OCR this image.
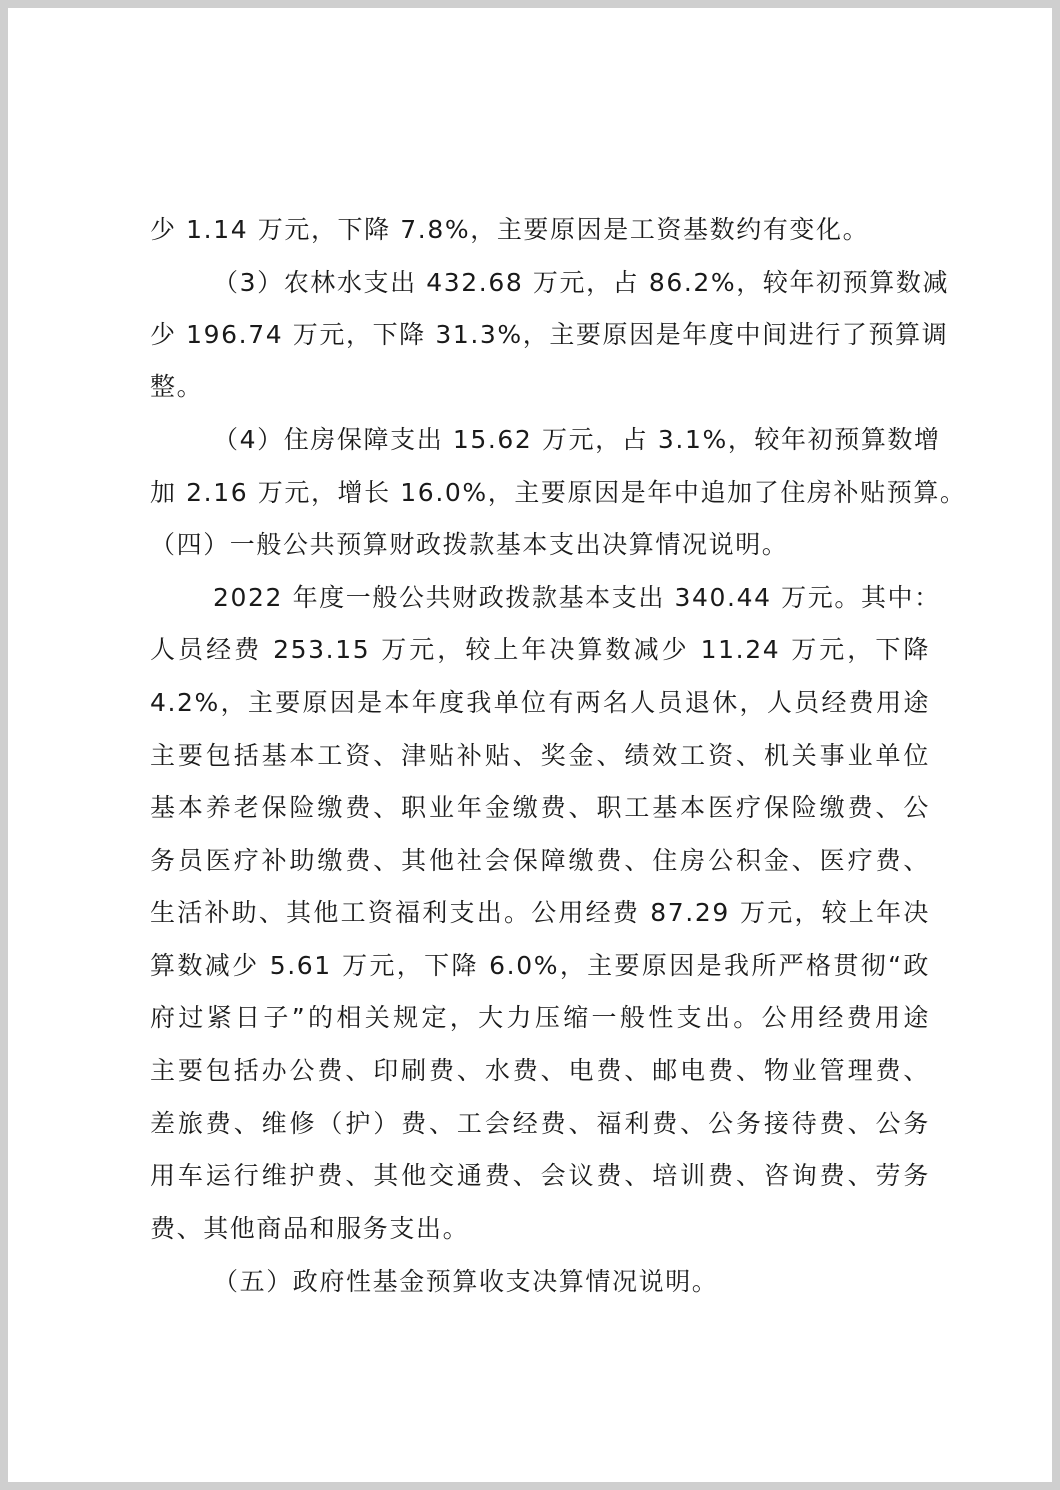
少 1.14 万元，下降 7.8%，主要原因是工资基数约有变化。
（3）农林水支出 432.68 万元，占 86.2%，较年初预算数减
少 196.74 万元，下降 31.3%，主要原因是年度中间进行了预算调
整。
（4）住房保障支出 15.62 万元，占 3.1%，较年初预算数增
加 2.16 万元，增长 16.0%，主要原因是年中追加了住房补贴预算。
（四）一般公共预算财政拨款基本支出决算情况说明。
2022 年度一般公共财政拨款基本支出 340.44 万元。其中：
人员经费 253.15 万元，较上年决算数减少 11.24 万元，下降
4.2%，主要原因是本年度我单位有两名人员退休，人员经费用途
主要包括基本工资、津贴补贴、奖金、绩效工资、机关事业单位
基本养老保险缴费、职业年金缴费、职工基本医疗保险缴费、公
务员医疗补助缴费、其他社会保障缴费、住房公积金、医疗费、
生活补助、其他工资福利支出。公用经费 87.29 万元，较上年决
算数减少 5.61 万元，下降 6.0%，主要原因是我所严格贯彻“政
府过紧日子”的相关规定，大力压缩一般性支出。公用经费用途
主要包括办公费、印刷费、水费、电费、邮电费、物业管理费、
差旅费、维修（护）费、工会经费、福利费、公务接待费、公务
用车运行维护费、其他交通费、会议费、培训费、咨询费、劳务
费、其他商品和服务支出。
（五）政府性基金预算收支决算情况说明。
